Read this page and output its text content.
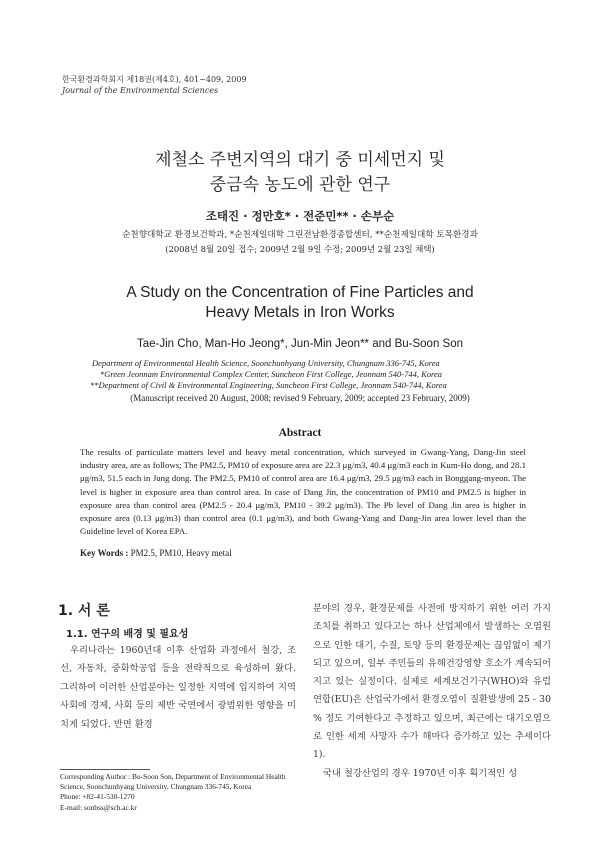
한국환경과학회지 제18권(제4호), 401~409, 2009
Journal of the Environmental Sciences
제철소 주변지역의 대기 중 미세먼지 및
중금속 농도에 관한 연구
조태진 · 정만호* · 전준민** · 손부순
순천향대학교 환경보건학과, *순천제일대학 그린전남환경종합센터, **순천제일대학 토목환경과
(2008년 8월 20일 접수; 2009년 2월 9일 수정; 2009년 2월 23일 채택)
A Study on the Concentration of Fine Particles and
Heavy Metals in Iron Works
Tae-Jin Cho, Man-Ho Jeong*, Jun-Min Jeon** and Bu-Soon Son
Department of Environmental Health Science, Soonchunhyang University, Chungnam 336-745, Korea
*Green Jeonnam Environmental Complex Center, Suncheon First College, Jeonnam 540-744, Korea
**Department of Civil & Environmental Engineering, Suncheon First College, Jeonnam 540-744, Korea
(Manuscript received 20 August, 2008; revised 9 February, 2009; accepted 23 February, 2009)
Abstract
The results of particulate matters level and heavy metal concentration, which surveyed in Gwang-Yang, Dang-Jin steel industry area, are as follows; The PM2.5, PM10 of exposure area are 22.3 μg/m3, 40.4 μg/m3 each in Kum-Ho dong, and 28.1 μg/m3, 51.5 each in Jung dong. The PM2.5, PM10 of control area are 16.4 μg/m3, 29.5 μg/m3 each in Bonggang-myeon. The level is higher in exposure area than control area. In case of Dang Jin, the concentration of PM10 and PM2.5 is higher in exposure area than control area (PM2.5 - 20.4 μg/m3, PM10 - 39.2 μg/m3). The Pb level of Dang Jin area is higher in exposure area (0.13 μg/m3) than control area (0.1 μg/m3), and both Gwang-Yang and Dang-Jin area lower level than the Guideline level of Korea EPA.
Key Words : PM2.5, PM10, Heavy metal
1. 서 론
1.1. 연구의 배경 및 필요성

우리나라는 1960년대 이후 산업화 과정에서 철강, 조선, 자동차, 중화학공업 등을 전략적으로 육성하여 왔다. 그리하여 이러한 산업분야는 일정한 지역에 입지하여 지역사회에 경제, 사회 등의 제반 국면에서 광범위한 영향을 미치게 되었다. 반면 환경

Corresponding Author : Bu-Soon Son, Department of Environmental Health Science, Soonchunhyang University, Chungnam 336-745, Korea
Phone: +82-41-530-1270
E-mail: sonbss@sch.ac.kr

분야의 경우, 환경문제를 사전에 방지하기 위한 여러 가지 조치를 취하고 있다고는 하나 산업체에서 발생하는 오염원으로 인한 대기, 수질, 토양 등의 환경문제는 끊임없이 제기되고 있으며, 일부 주민들의 유해건강영향 호소가 계속되어지고 있는 실정이다. 실제로 세계보건기구(WHO)와 유럽연합(EU)은 산업국가에서 환경오염이 질환발생에 25 - 30 % 정도 기여한다고 추정하고 있으며, 최근에는 대기오염으로 인한 세계 사망자 수가 해마다 증가하고 있는 추세이다1).

국내 철강산업의 경우 1970년 이후 획기적인 성
